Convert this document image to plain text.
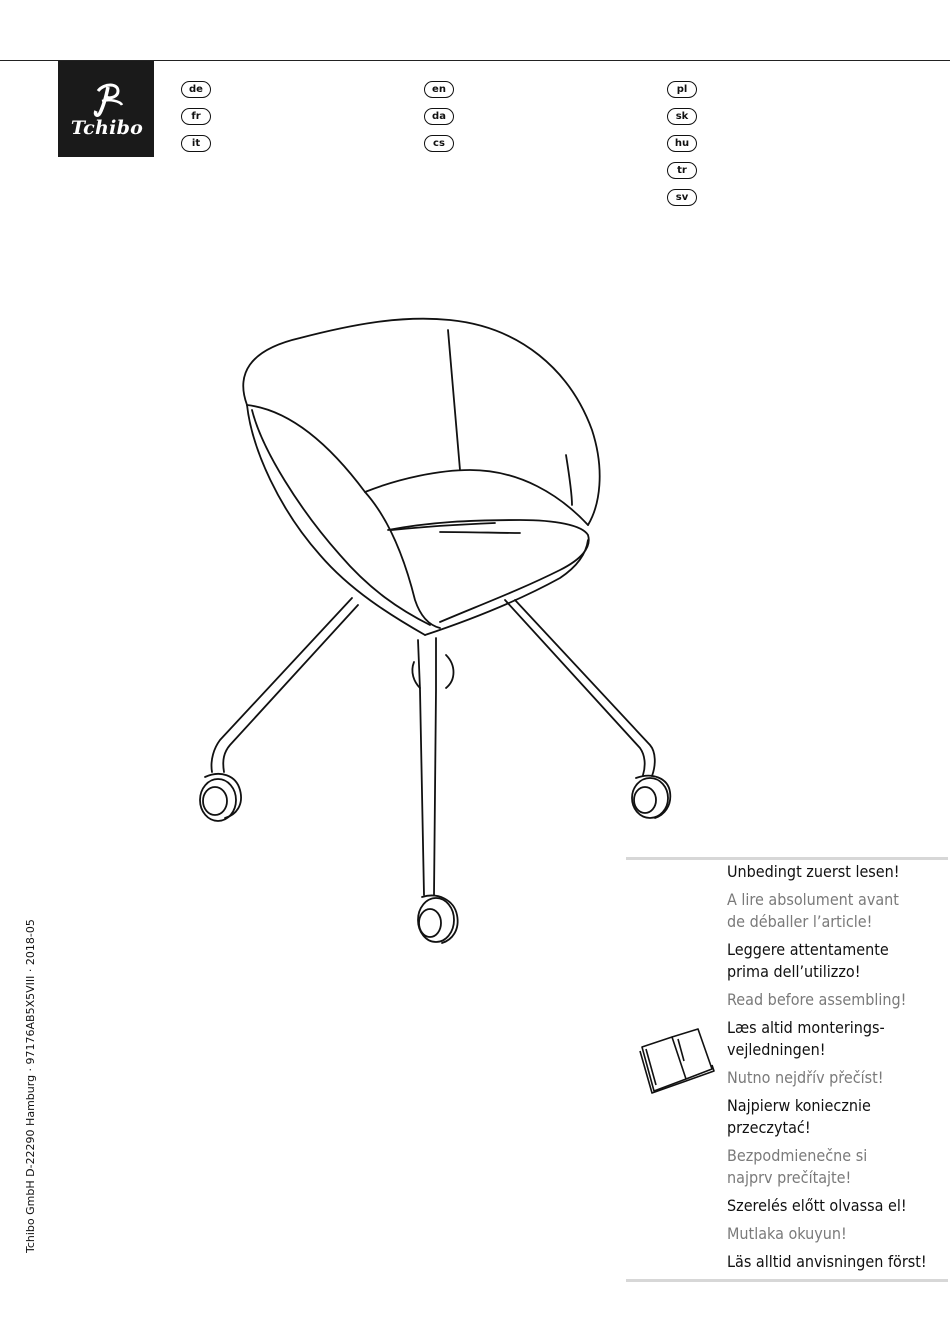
Tchibo
de
fr
it
en
da
cs
pl
sk
hu
tr
sv
Tchibo GmbH D-22290 Hamburg · 97176AB5X5VIII · 2018-05

Unbedingt zuerst lesen!

A lire absolument avant de déballer l’article!

Leggere attentamente prima dell’utilizzo!

Read before assembling!

Læs altid monterings-vejledningen!

Nutno nejdřív přečíst!

Najpierw koniecznie przeczytać!

Bezpodmienečne si najprv prečítajte!

Szerelés előtt olvassa el!

Mutlaka okuyun!

Läs alltid anvisningen först!
